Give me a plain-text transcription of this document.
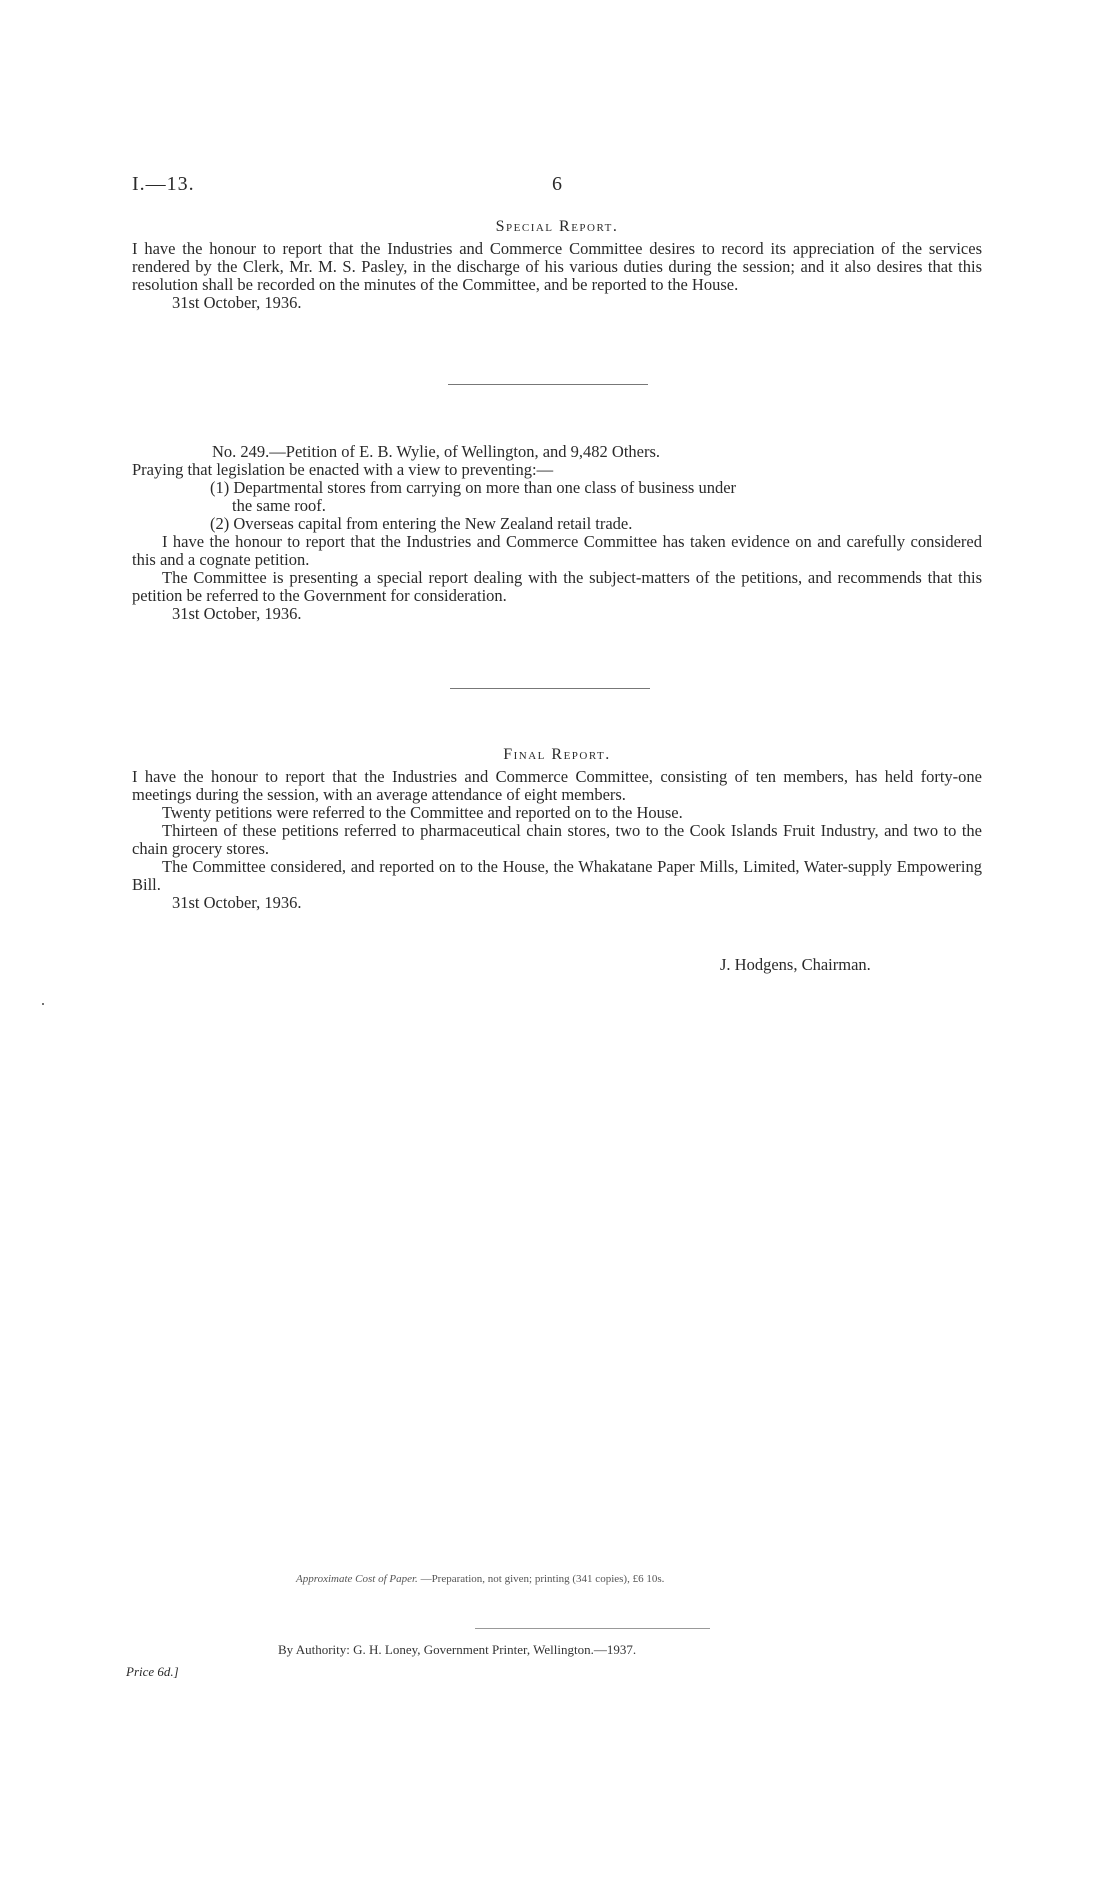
I.—13.	6
Special Report.

I have the honour to report that the Industries and Commerce Committee desires to record its appreciation of the services rendered by the Clerk, Mr. M. S. Pasley, in the discharge of his various duties during the session; and it also desires that this resolution shall be recorded on the minutes of the Committee, and be reported to the House.

31st October, 1936.
No. 249.—Petition of E. B. Wylie, of Wellington, and 9,482 Others.
Praying that legislation be enacted with a view to preventing:—
(1) Departmental stores from carrying on more than one class of business under
the same roof.
(2) Overseas capital from entering the New Zealand retail trade.

I have the honour to report that the Industries and Commerce Committee has taken evidence on and carefully considered this and a cognate petition.

The Committee is presenting a special report dealing with the subject-matters of the petitions, and recommends that this petition be referred to the Government for consideration.

31st October, 1936.
Final Report.

I have the honour to report that the Industries and Commerce Committee, consisting of ten members, has held forty-one meetings during the session, with an average attendance of eight members.

Twenty petitions were referred to the Committee and reported on to the House.

Thirteen of these petitions referred to pharmaceutical chain stores, two to the Cook Islands Fruit Industry, and two to the chain grocery stores.

The Committee considered, and reported on to the House, the Whakatane Paper Mills, Limited, Water-supply Empowering Bill.

31st October, 1936.
J. Hodgens, Chairman.
Approximate Cost of Paper. —Preparation, not given; printing (341 copies), £6 10s.
By Authority: G. H. Loney, Government Printer, Wellington.—1937.
Price 6d.]
